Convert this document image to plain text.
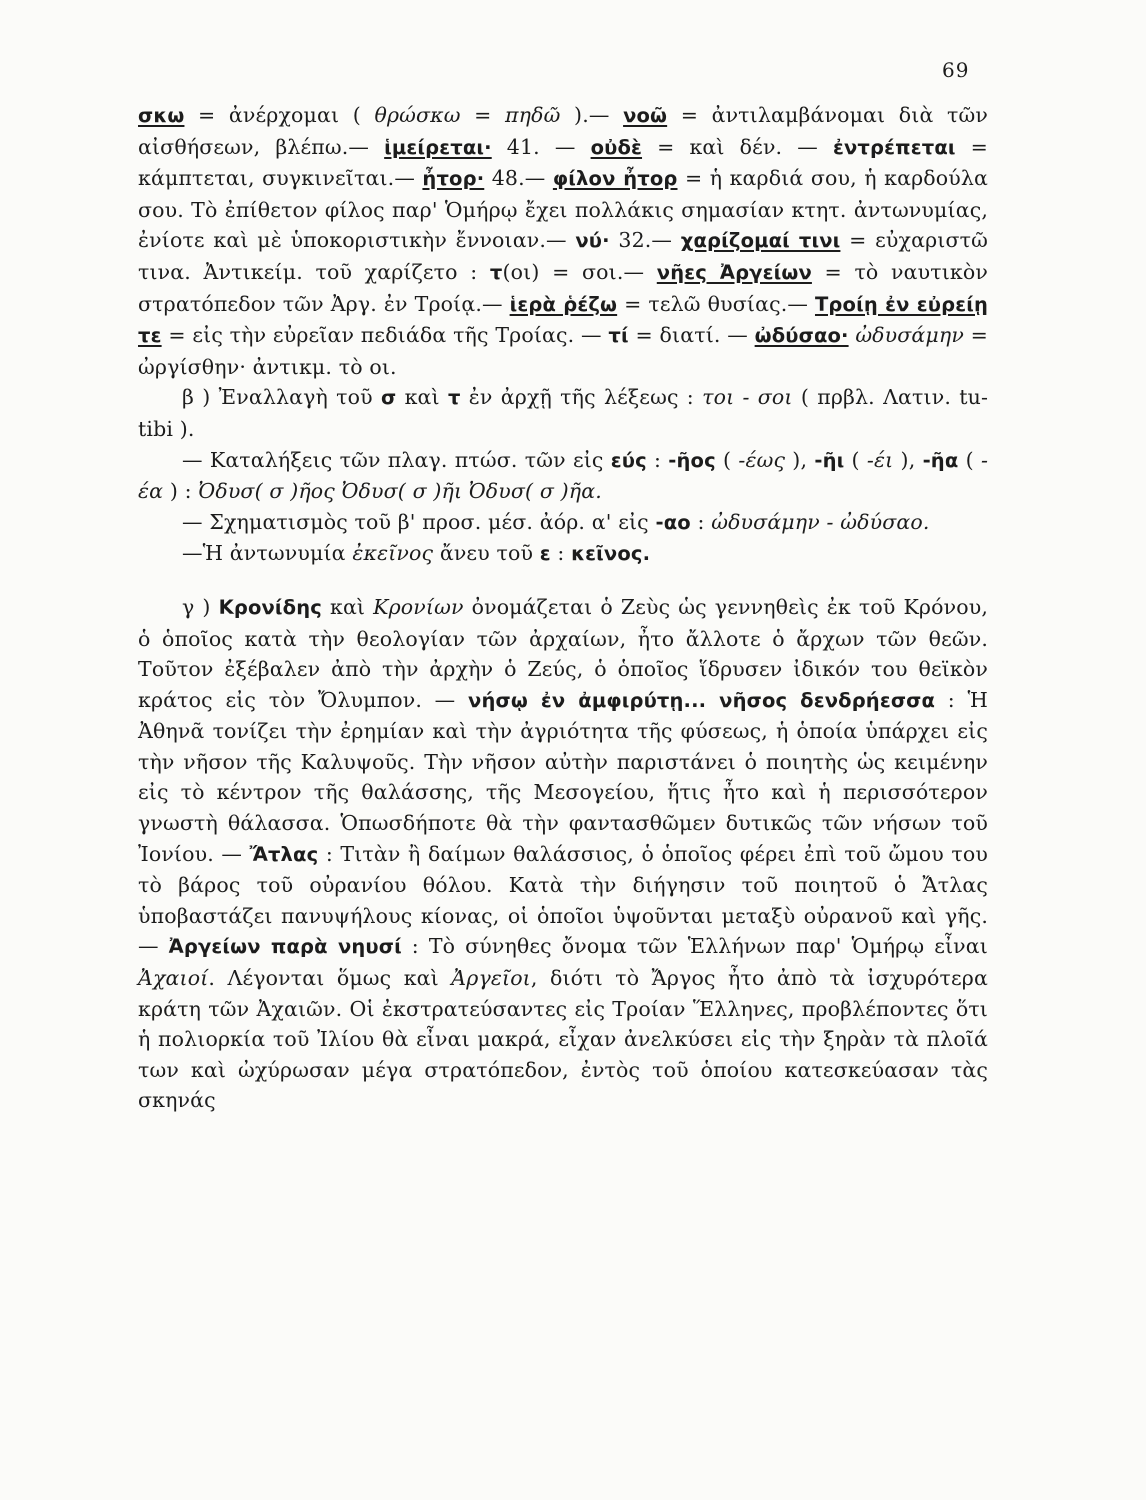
69

σκω = ἀνέρχομαι ( θρώσκω = πηδῶ ).— νοῶ = ἀντιλαμβάνομαι διὰ τῶν αἰσθήσεων, βλέπω.— ἱμείρεται· 41. — οὐδὲ = καὶ δέν. — ἐντρέπεται = κάμπτεται, συγκινεῖται.— ἦτορ· 48.— φίλον ἦτορ = ἡ καρδιά σου, ἡ καρδούλα σου. Τὸ ἐπίθετον φίλος παρ' Ὁμήρῳ ἔχει πολλάκις σημασίαν κτητ. ἀντωνυμίας, ἐνίοτε καὶ μὲ ὑποκοριστικὴν ἔννοιαν.— νύ· 32.— χαρίζομαί τινι = εὐχαριστῶ τινα. Ἀντικείμ. τοῦ χαρίζετο : τ(οι) = σοι.— νῆες Ἀργείων = τὸ ναυτικὸν στρατόπεδον τῶν Ἀργ. ἐν Τροίᾳ.— ἱερὰ ῥέζω = τελῶ θυσίας.— Τροίῃ ἐν εὐρείῃ τε = εἰς τὴν εὐρεῖαν πεδιάδα τῆς Τροίας. — τί = διατί. — ὠδύσαο· ὠδυσάμην = ὠργίσθην· ἀντικμ. τὸ οι.

β ) Ἐναλλαγὴ τοῦ σ καὶ τ ἐν ἀρχῇ τῆς λέξεως : τοι - σοι ( πρβλ. Λατιν. tu-tibi ).

— Καταλήξεις τῶν πλαγ. πτώσ. τῶν εἰς εύς : -ῆος ( -έως ), -ῆι ( -έι ), -ῆα ( -έα ) : Ὀδυσ( σ )ῆος Ὀδυσ( σ )ῆι Ὀδυσ( σ )ῆα.

— Σχηματισμὸς τοῦ β' προσ. μέσ. ἀόρ. α' εἰς -αο : ὠδυσάμην - ὠδύσαο.

—Ἡ ἀντωνυμία ἐκεῖνος ἄνευ τοῦ ε : κεῖνος.

γ ) Κρονίδης καὶ Κρονίων ὀνομάζεται ὁ Ζεὺς ὡς γεννηθεὶς ἐκ τοῦ Κρόνου, ὁ ὁποῖος κατὰ τὴν θεολογίαν τῶν ἀρχαίων, ἦτο ἄλλοτε ὁ ἄρχων τῶν θεῶν. Τοῦτον ἐξέβαλεν ἀπὸ τὴν ἀρχὴν ὁ Ζεύς, ὁ ὁποῖος ἵδρυσεν ἰδικόν του θεϊκὸν κράτος εἰς τὸν Ὄλυμπον. — νήσῳ ἐν ἀμφιρύτῃ... νῆσος δενδρήεσσα : Ἡ Ἀθηνᾶ τονίζει τὴν ἐρημίαν καὶ τὴν ἀγριότητα τῆς φύσεως, ἡ ὁποία ὑπάρχει εἰς τὴν νῆσον τῆς Καλυψοῦς. Τὴν νῆσον αὐτὴν παριστάνει ὁ ποιητὴς ὡς κειμένην εἰς τὸ κέντρον τῆς θαλάσσης, τῆς Μεσογείου, ἥτις ἦτο καὶ ἡ περισσότερον γνωστὴ θάλασσα. Ὁπωσδήποτε θὰ τὴν φαντασθῶμεν δυτικῶς τῶν νήσων τοῦ Ἰονίου. — Ἄτλας : Τιτὰν ἢ δαίμων θαλάσσιος, ὁ ὁποῖος φέρει ἐπὶ τοῦ ὤμου του τὸ βάρος τοῦ οὐρανίου θόλου. Κατὰ τὴν διήγησιν τοῦ ποιητοῦ ὁ Ἄτλας ὑποβαστάζει πανυψήλους κίονας, οἱ ὁποῖοι ὑψοῦνται μεταξὺ οὐρανοῦ καὶ γῆς.— Ἀργείων παρὰ νηυσί : Τὸ σύνηθες ὄνομα τῶν Ἑλλήνων παρ' Ὁμήρῳ εἶναι Ἀχαιοί. Λέγονται ὅμως καὶ Ἀργεῖοι, διότι τὸ Ἄργος ἦτο ἀπὸ τὰ ἰσχυρότερα κράτη τῶν Ἀχαιῶν. Οἱ ἐκστρατεύσαντες εἰς Τροίαν Ἕλληνες, προβλέποντες ὅτι ἡ πολιορκία τοῦ Ἰλίου θὰ εἶναι μακρά, εἶχαν ἀνελκύσει εἰς τὴν ξηρὰν τὰ πλοῖά των καὶ ὠχύρωσαν μέγα στρατόπεδον, ἐντὸς τοῦ ὁποίου κατεσκεύασαν τὰς σκηνάς
